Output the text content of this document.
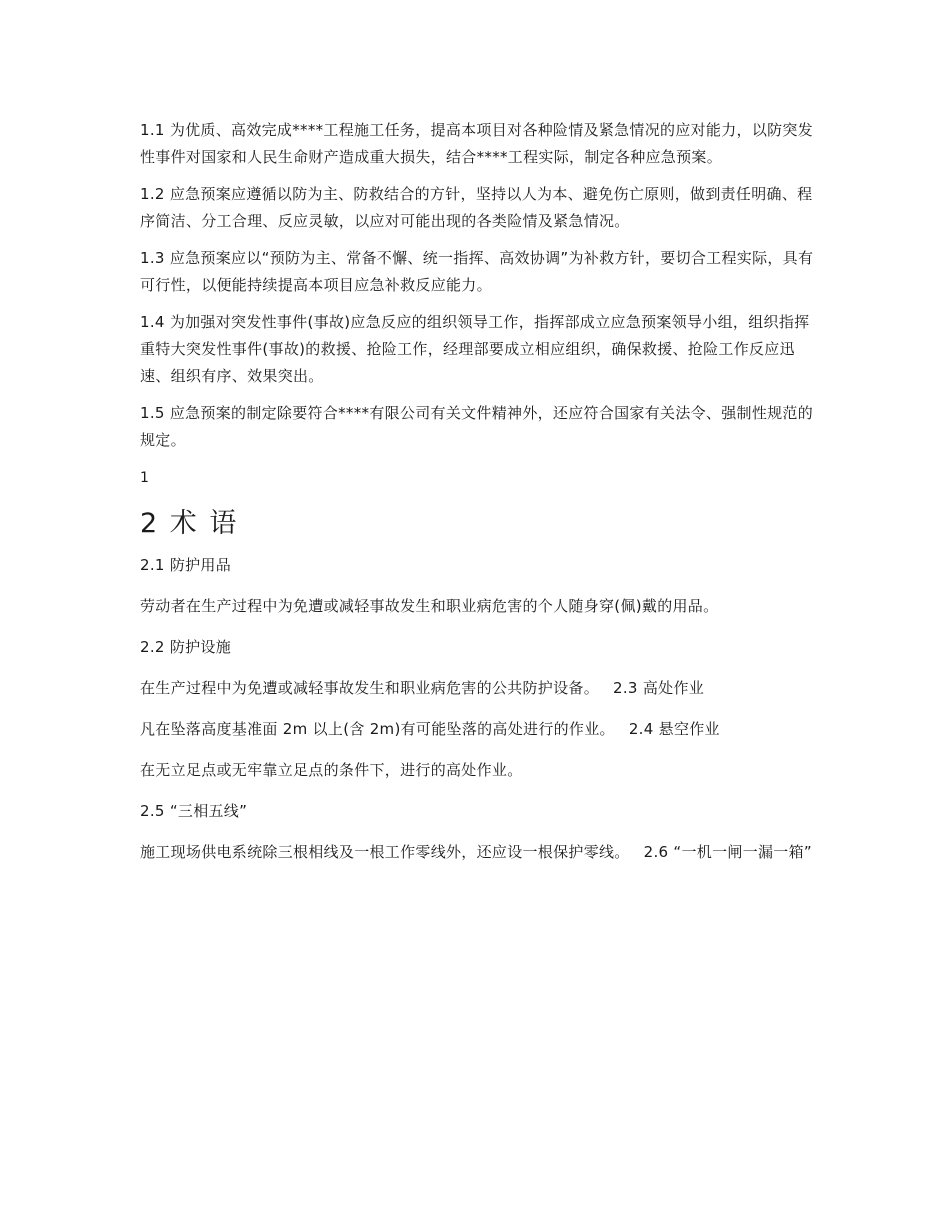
1.1 为优质、高效完成****工程施工任务，提高本项目对各种险情及紧急情况的应对能力，以防突发性事件对国家和人民生命财产造成重大损失，结合****工程实际，制定各种应急预案。

1.2 应急预案应遵循以防为主、防救结合的方针，坚持以人为本、避免伤亡原则，做到责任明确、程序简洁、分工合理、反应灵敏，以应对可能出现的各类险情及紧急情况。

1.3 应急预案应以“预防为主、常备不懈、统一指挥、高效协调”为补救方针，要切合工程实际，具有可行性，以便能持续提高本项目应急补救反应能力。

1.4 为加强对突发性事件(事故)应急反应的组织领导工作，指挥部成立应急预案领导小组，组织指挥重特大突发性事件(事故)的救援、抢险工作，经理部要成立相应组织，确保救援、抢险工作反应迅速、组织有序、效果突出。

1.5 应急预案的制定除要符合****有限公司有关文件精神外，还应符合国家有关法令、强制性规范的规定。

1
2 术 语
2.1 防护用品
劳动者在生产过程中为免遭或减轻事故发生和职业病危害的个人随身穿(佩)戴的用品。
2.2 防护设施
在生产过程中为免遭或减轻事故发生和职业病危害的公共防护设备。 2.3 高处作业
凡在坠落高度基准面 2m 以上(含 2m)有可能坠落的高处进行的作业。 2.4 悬空作业
在无立足点或无牢靠立足点的条件下，进行的高处作业。
2.5 “三相五线”
施工现场供电系统除三根相线及一根工作零线外，还应设一根保护零线。 2.6 “一机一闸一漏一箱”
